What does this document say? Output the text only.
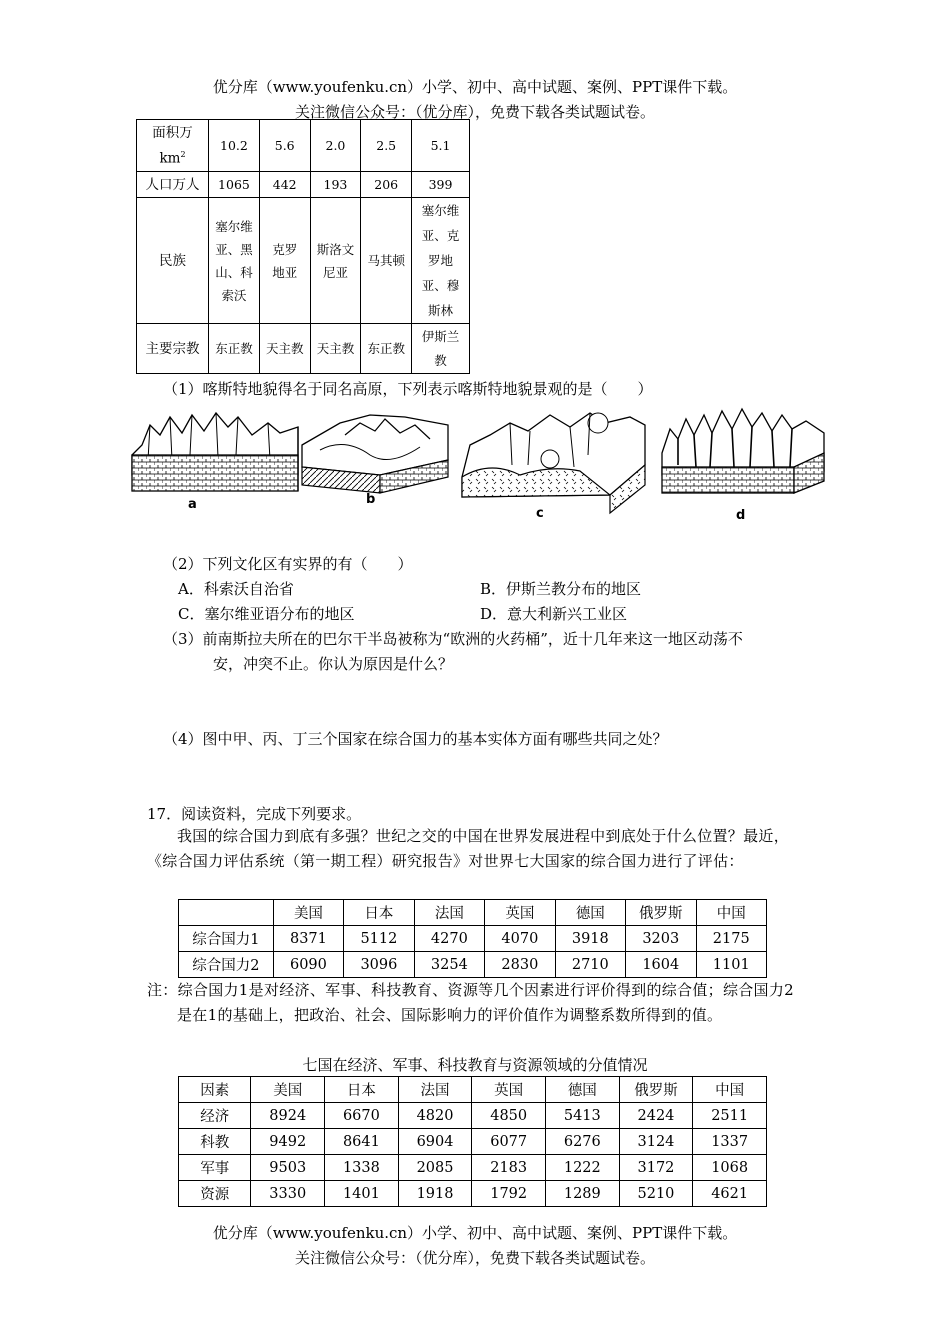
优分库（www.youfenku.cn）小学、初中、高中试题、案例、PPT课件下载。
关注微信公众号：（优分库），免费下载各类试题试卷。
面积万
$km^2$	10.2	5.6	2.0	2.5	5.1
人口万人	1065	442	193	206	399
民族	塞尔维亚、黑山、科索沃	克罗地亚	斯洛文尼亚	马其顿	塞尔维亚、克罗地亚、穆斯林
主要宗教	东正教	天主教	天主教	东正教	伊斯兰教
（1）喀斯特地貌得名于同名高原，下列表示喀斯特地貌景观的是（　　）
a	b
c	d
（2）下列文化区有实界的有（　　）
A．科索沃自治省	B．伊斯兰教分布的地区
C．塞尔维亚语分布的地区	D．意大利新兴工业区
（3）前南斯拉夫所在的巴尔干半岛被称为“欧洲的火药桶”，近十几年来这一地区动荡不
安，冲突不止。你认为原因是什么？
（4）图中甲、丙、丁三个国家在综合国力的基本实体方面有哪些共同之处？
17．阅读资料，完成下列要求。
我国的综合国力到底有多强？世纪之交的中国在世界发展进程中到底处于什么位置？最近，《综合国力评估系统（第一期工程）研究报告》对世界七大国家的综合国力进行了评估：
	美国	日本	法国	英国	德国	俄罗斯	中国
综合国力1	8371	5112	4270	4070	3918	3203	2175
综合国力2	6090	3096	3254	2830	2710	1604	1101
注：综合国力1是对经济、军事、科技教育、资源等几个因素进行评价得到的综合值；综合国力2是在1的基础上，把政治、社会、国际影响力的评价值作为调整系数所得到的值。
七国在经济、军事、科技教育与资源领域的分值情况
因素	美国	日本	法国	英国	德国	俄罗斯	中国
经济	8924	6670	4820	4850	5413	2424	2511
科教	9492	8641	6904	6077	6276	3124	1337
军事	9503	1338	2085	2183	1222	3172	1068
资源	3330	1401	1918	1792	1289	5210	4621
优分库（www.youfenku.cn）小学、初中、高中试题、案例、PPT课件下载。
关注微信公众号：（优分库），免费下载各类试题试卷。
